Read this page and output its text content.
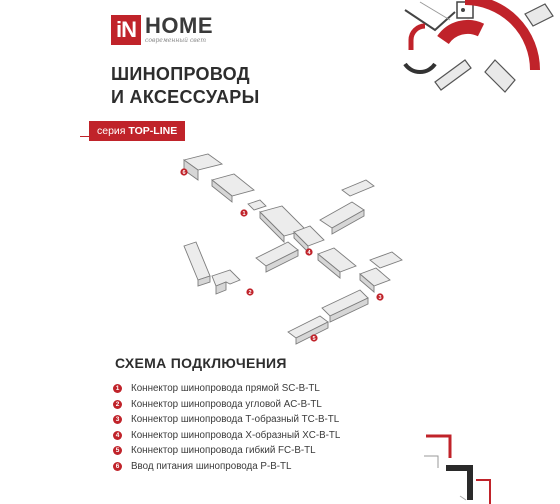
iN HOME
современный свет
ШИНОПРОВОД
И АКСЕССУАРЫ
серия TOP-LINE
6
1
4
2
3
5
СХЕМА ПОДКЛЮЧЕНИЯ
1 Коннектор шинопровода прямой SC-B-TL
2 Коннектор шинопровода угловой AC-B-TL
3 Коннектор шинопровода Т-образный TC-B-TL
4 Коннектор шинопровода X-образный XC-B-TL
5 Коннектор шинопровода гибкий FC-B-TL
6 Ввод питания шинопровода P-B-TL
